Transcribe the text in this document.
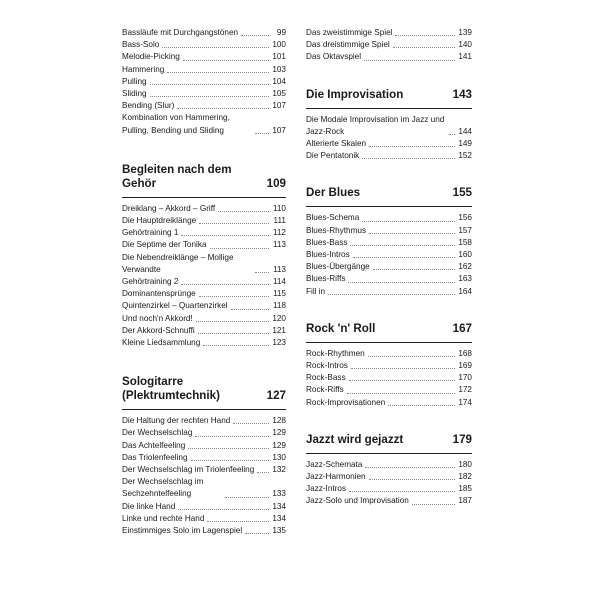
Bassläufe mit Durchgangstönen	99
Bass-Solo	100
Melodie-Picking	101
Hammering	103
Pulling	104
Sliding	105
Bending (Slur)	107
Kombination von Hammering, Pulling, Bending und Sliding	107
Begleiten nach dem Gehör	109
Dreiklang – Akkord – Griff	110
Die Hauptdreiklänge	111
Gehörtraining 1	112
Die Septime der Tonika	113
Die Nebendreiklänge – Mollige Verwandte	113
Gehörtraining 2	114
Dominantensprünge	115
Quintenzirkel – Quartenzirkel	118
Und noch'n Akkord!	120
Der Akkord-Schnuffi	121
Kleine Liedsammlung	123
Sologitarre (Plektrumtechnik)	127
Die Haltung der rechten Hand	128
Der Wechselschlag	129
Das Achtelfeeling	129
Das Triolenfeeling	130
Der Wechselschlag im Triolenfeeling 132
Der Wechselschlag im Sechzehntelfeeling	133
Die linke Hand	134
Linke und rechte Hand	134
Einstimmiges Solo im Lagenspiel	135
Das zweistimmige Spiel	139
Das dreistimmige Spiel	140
Das Oktavspiel	141
Die Improvisation	143
Die Modale Improvisation im Jazz und Jazz-Rock	144
Alterierte Skalen	149
Die Pentatonik	152
Der Blues	155
Blues-Schema	156
Blues-Rhythmus	157
Blues-Bass	158
Blues-Intros	160
Blues-Übergänge	162
Blues-Riffs	163
Fill in	164
Rock 'n' Roll	167
Rock-Rhythmen	168
Rock-Intros	169
Rock-Bass	170
Rock-Riffs	172
Rock-Improvisationen	174
Jazzt wird gejazzt	179
Jazz-Schemata	180
Jazz-Harmonien	182
Jazz-Intros	185
Jazz-Solo und Improvisation	187
